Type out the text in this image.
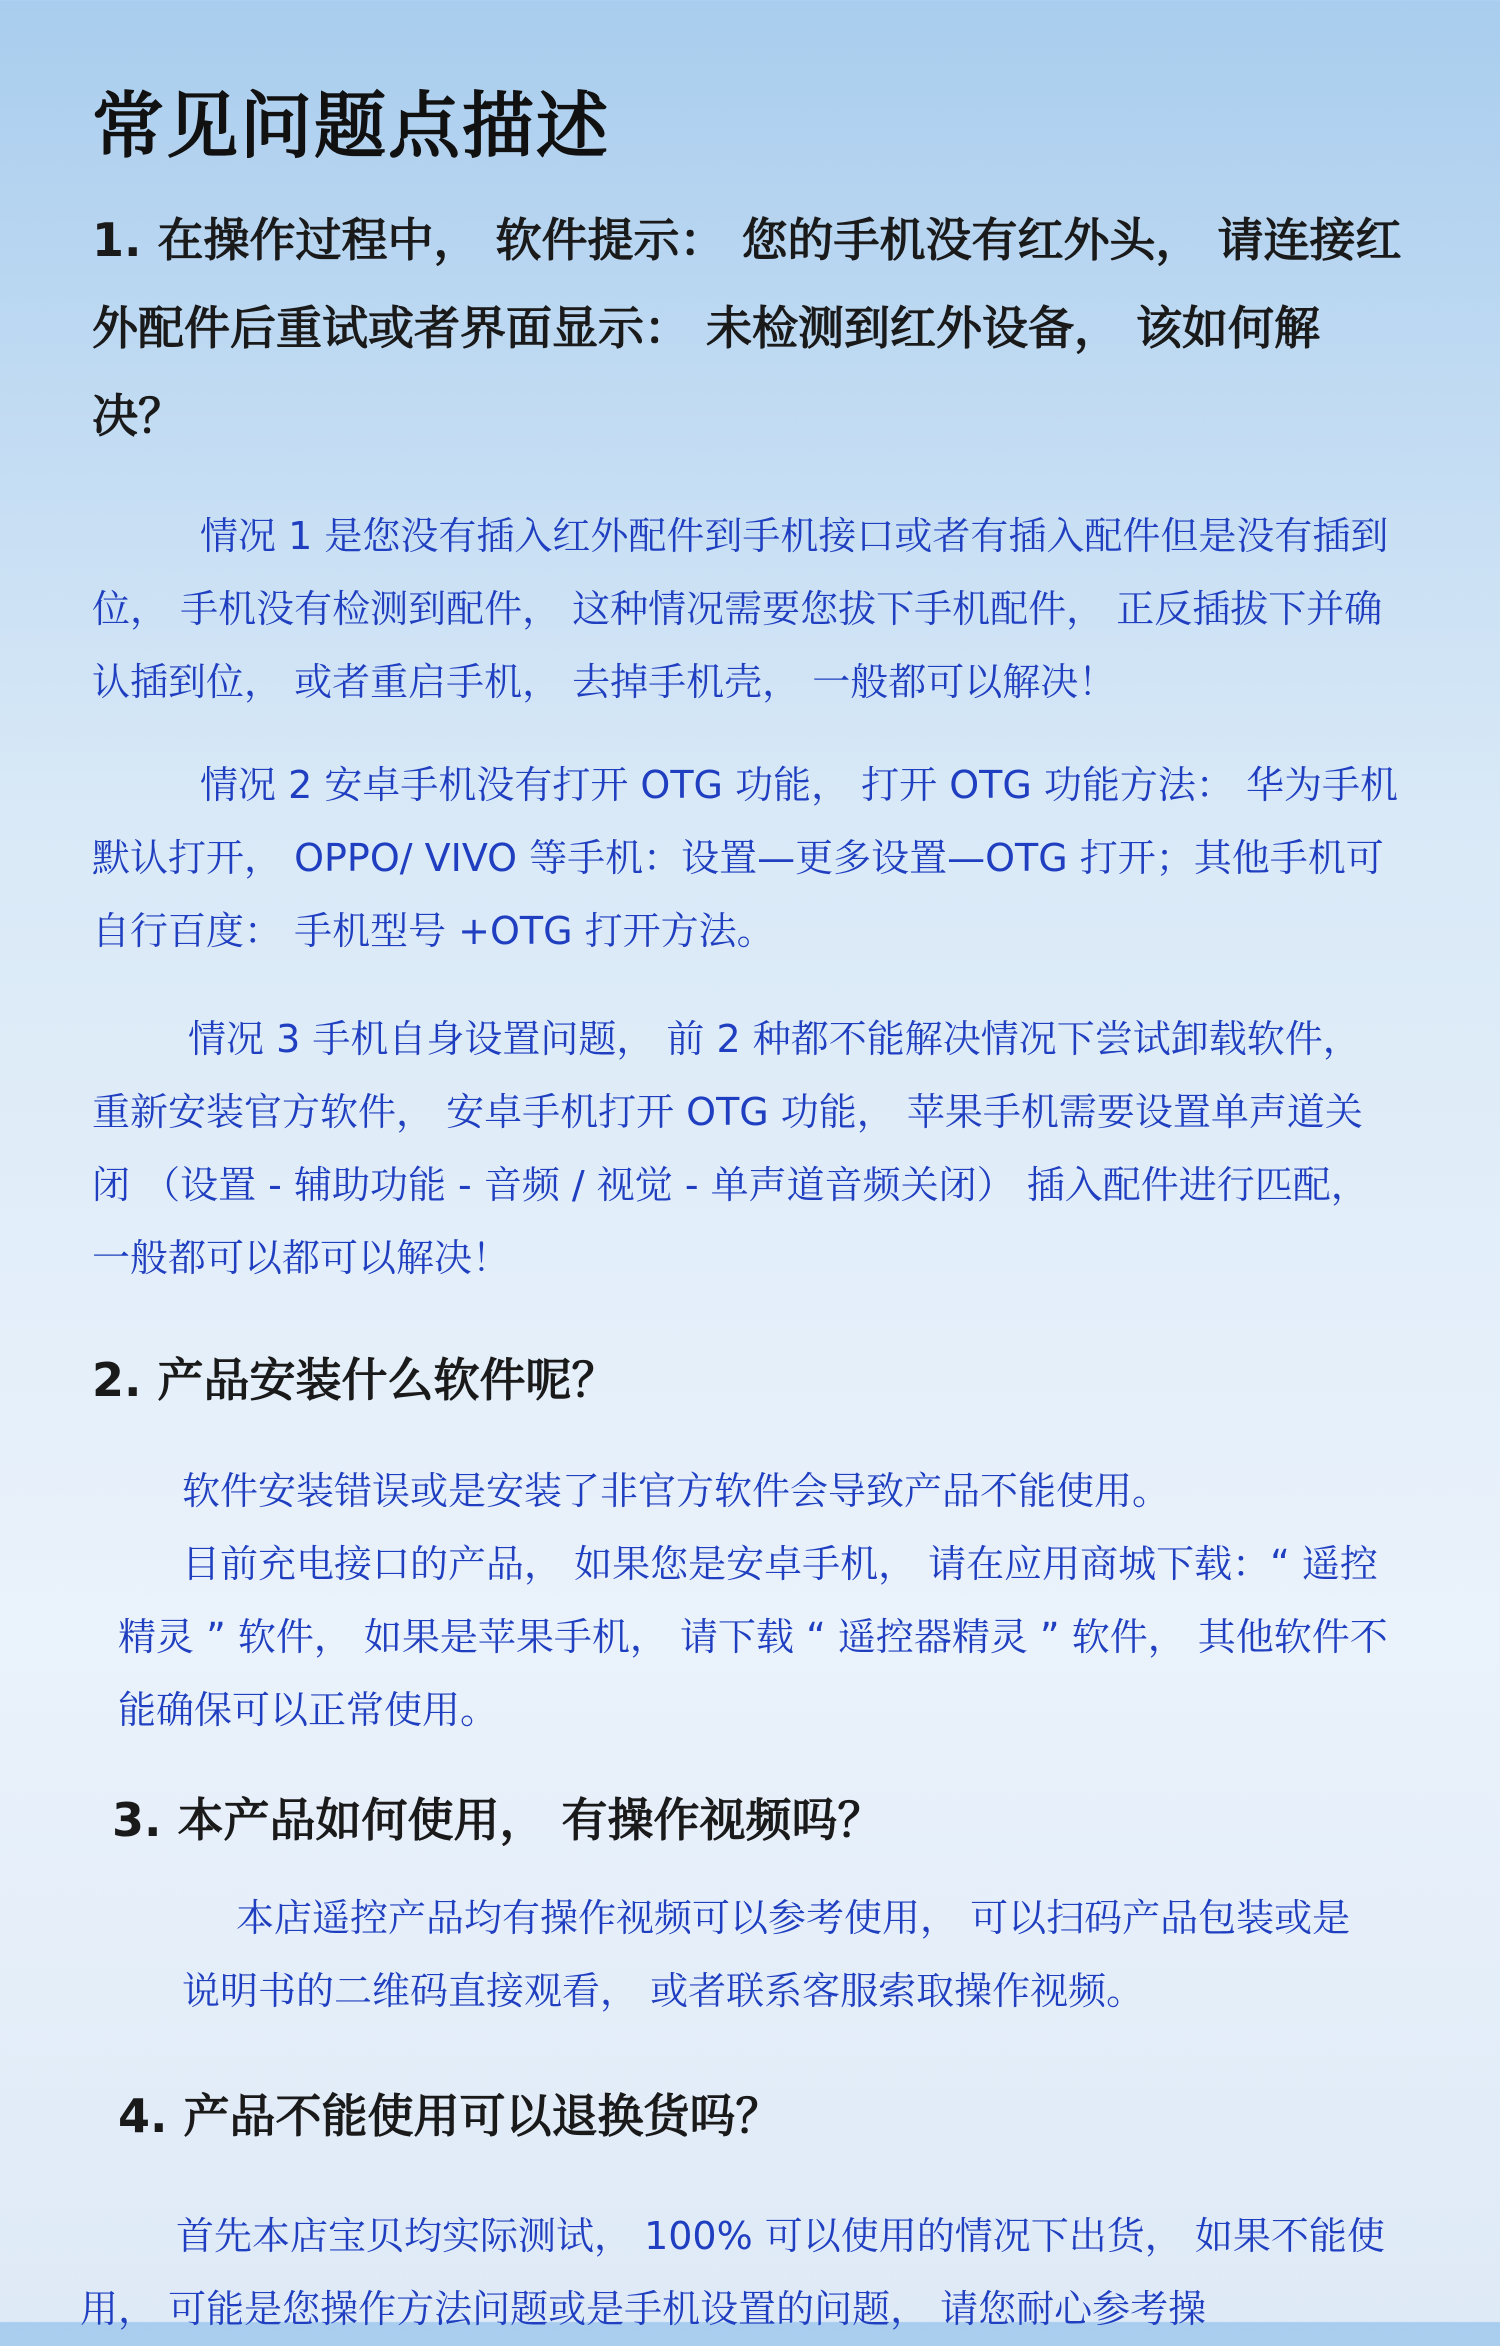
常见问题点描述

1. 在操作过程中， 软件提示： 您的手机没有红外头， 请连接红外配件后重试或者界面显示： 未检测到红外设备， 该如何解决？

情况 1 是您没有插入红外配件到手机接口或者有插入配件但是没有插到位， 手机没有检测到配件， 这种情况需要您拔下手机配件， 正反插拔下并确认插到位， 或者重启手机， 去掉手机壳， 一般都可以解决！

情况 2 安卓手机没有打开 OTG 功能， 打开 OTG 功能方法： 华为手机默认打开， OPPO/ VIVO 等手机：设置—更多设置—OTG 打开；其他手机可自行百度： 手机型号 +OTG 打开方法。

情况 3 手机自身设置问题， 前 2 种都不能解决情况下尝试卸载软件， 重新安装官方软件， 安卓手机打开 OTG 功能， 苹果手机需要设置单声道关闭 （设置 - 辅助功能 - 音频 / 视觉 - 单声道音频关闭） 插入配件进行匹配， 一般都可以都可以解决！

2. 产品安装什么软件呢？

软件安装错误或是安装了非官方软件会导致产品不能使用。

目前充电接口的产品， 如果您是安卓手机， 请在应用商城下载：“ 遥控精灵 ” 软件， 如果是苹果手机， 请下载 “ 遥控器精灵 ” 软件， 其他软件不能确保可以正常使用。

3. 本产品如何使用， 有操作视频吗？

本店遥控产品均有操作视频可以参考使用， 可以扫码产品包装或是说明书的二维码直接观看， 或者联系客服索取操作视频。

4. 产品不能使用可以退换货吗？

首先本店宝贝均实际测试， 100% 可以使用的情况下出货， 如果不能使用， 可能是您操作方法问题或是手机设置的问题， 请您耐心参考操
